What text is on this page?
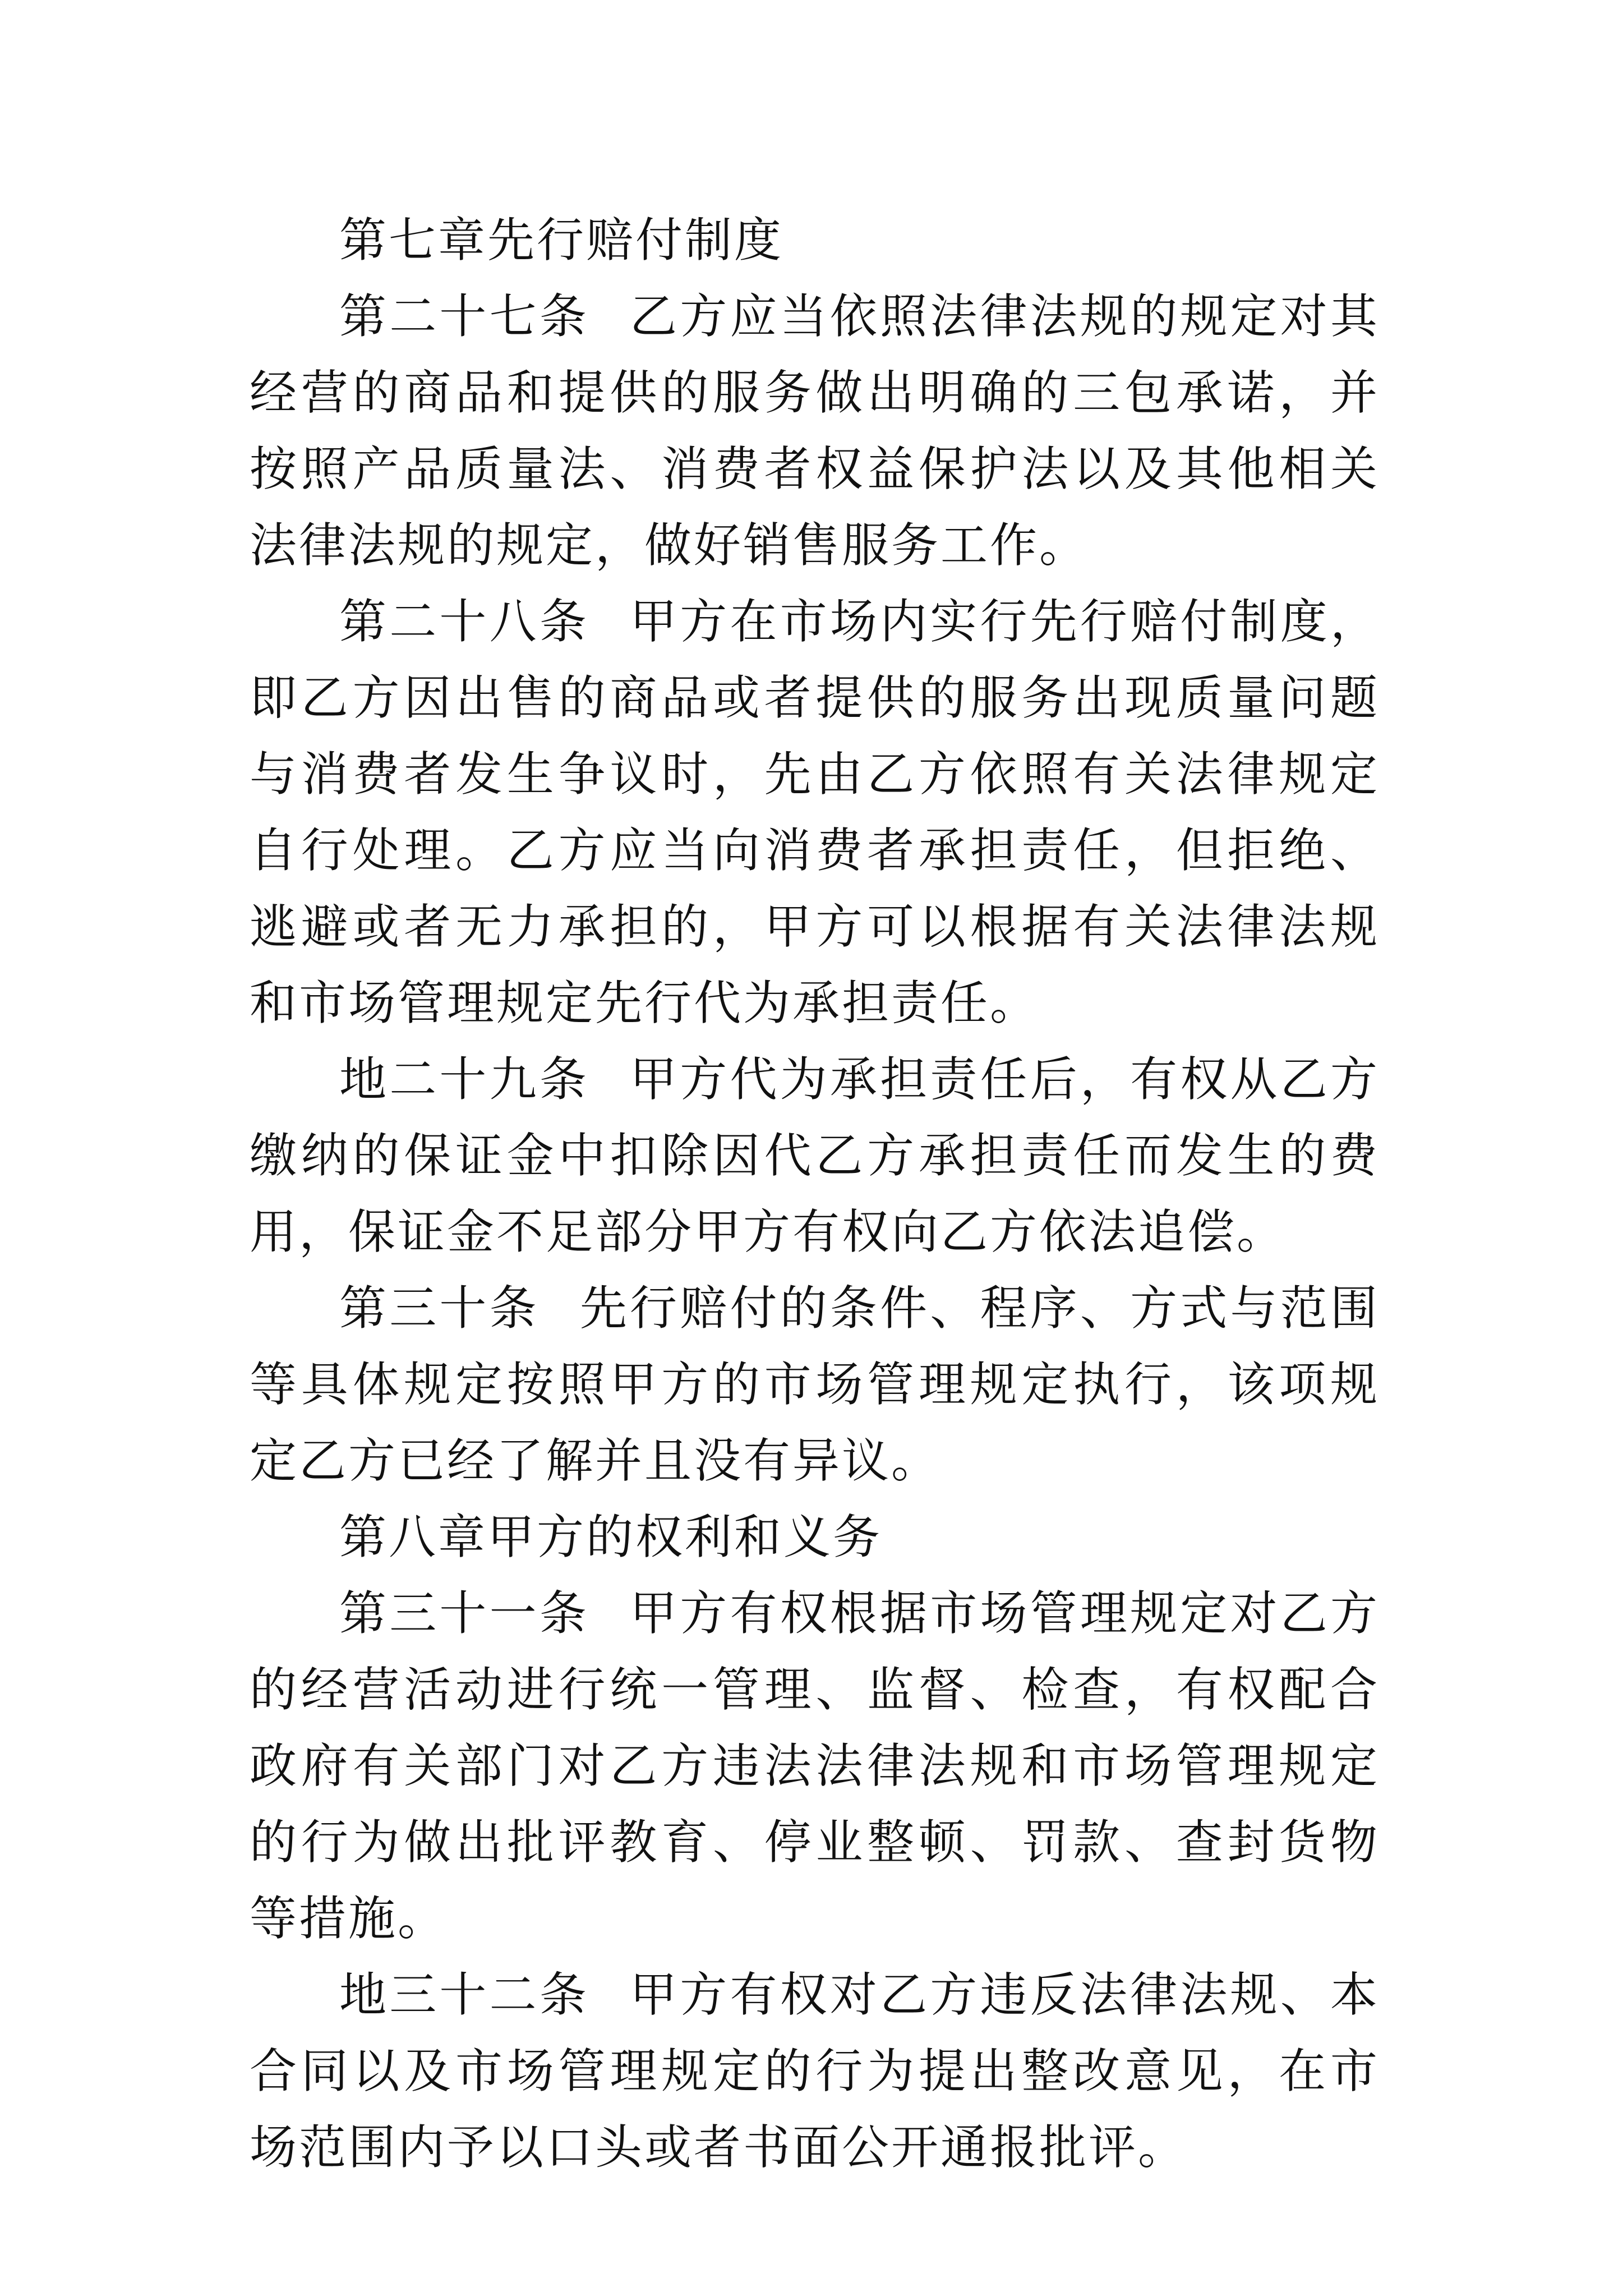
第七章先行赔付制度

第二十七条 乙方应当依照法律法规的规定对其经营的商品和提供的服务做出明确的三包承诺，并按照产品质量法、消费者权益保护法以及其他相关法律法规的规定，做好销售服务工作。

第二十八条 甲方在市场内实行先行赔付制度，即乙方因出售的商品或者提供的服务出现质量问题与消费者发生争议时，先由乙方依照有关法律规定自行处理。乙方应当向消费者承担责任，但拒绝、逃避或者无力承担的，甲方可以根据有关法律法规和市场管理规定先行代为承担责任。

地二十九条 甲方代为承担责任后，有权从乙方缴纳的保证金中扣除因代乙方承担责任而发生的费用，保证金不足部分甲方有权向乙方依法追偿。

第三十条 先行赔付的条件、程序、方式与范围等具体规定按照甲方的市场管理规定执行，该项规定乙方已经了解并且没有异议。

第八章甲方的权利和义务

第三十一条 甲方有权根据市场管理规定对乙方的经营活动进行统一管理、监督、检查，有权配合政府有关部门对乙方违法法律法规和市场管理规定的行为做出批评教育、停业整顿、罚款、查封货物等措施。

地三十二条 甲方有权对乙方违反法律法规、本合同以及市场管理规定的行为提出整改意见，在市场范围内予以口头或者书面公开通报批评。
